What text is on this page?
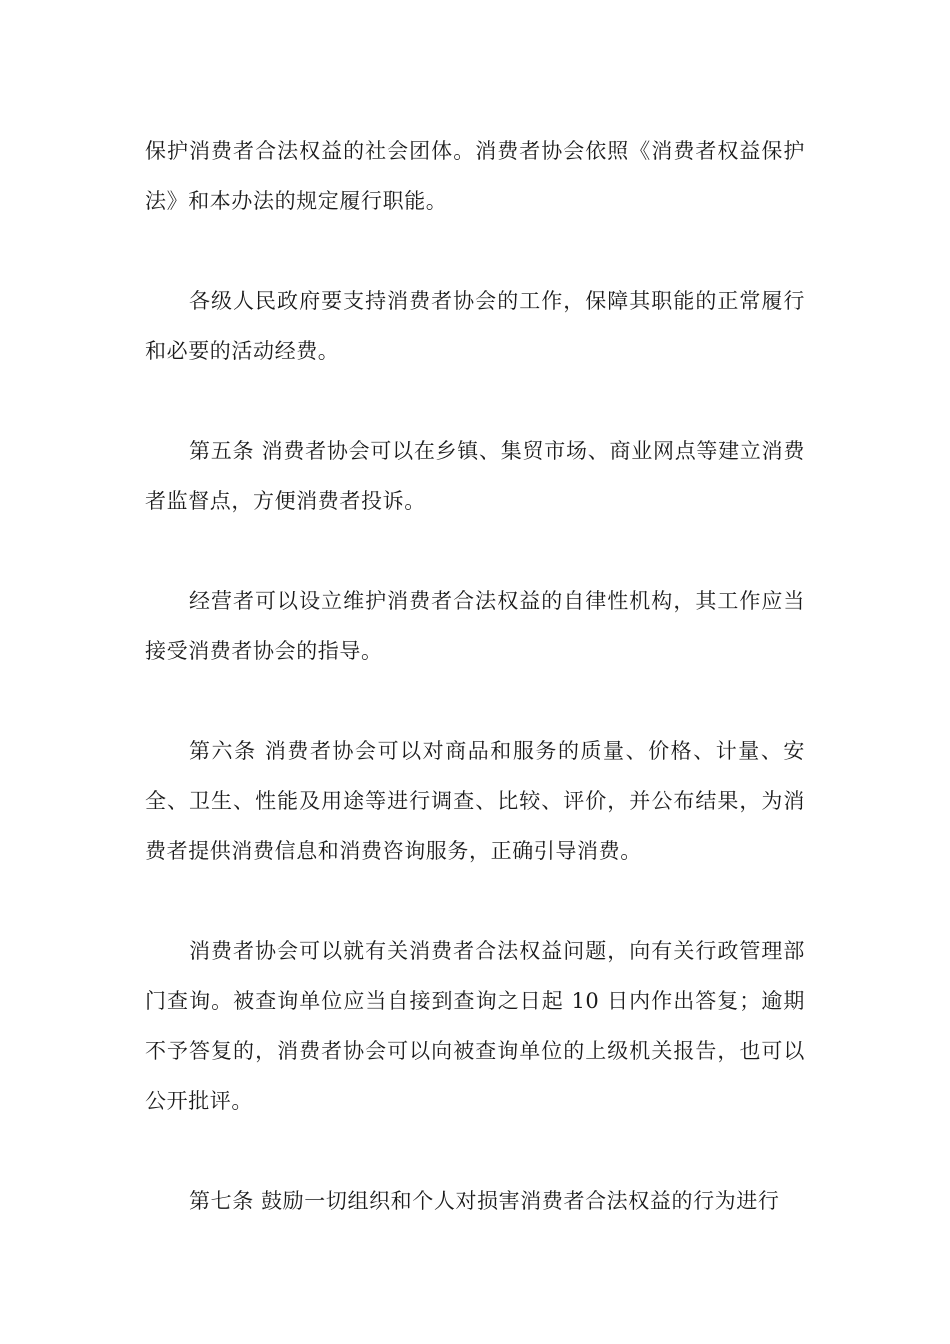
保护消费者合法权益的社会团体。消费者协会依照《消费者权益保护法》和本办法的规定履行职能。

各级人民政府要支持消费者协会的工作，保障其职能的正常履行和必要的活动经费。

第五条 消费者协会可以在乡镇、集贸市场、商业网点等建立消费者监督点，方便消费者投诉。

经营者可以设立维护消费者合法权益的自律性机构，其工作应当接受消费者协会的指导。

第六条 消费者协会可以对商品和服务的质量、价格、计量、安全、卫生、性能及用途等进行调查、比较、评价，并公布结果，为消费者提供消费信息和消费咨询服务，正确引导消费。

消费者协会可以就有关消费者合法权益问题，向有关行政管理部门查询。被查询单位应当自接到查询之日起 10 日内作出答复；逾期不予答复的，消费者协会可以向被查询单位的上级机关报告，也可以公开批评。

第七条 鼓励一切组织和个人对损害消费者合法权益的行为进行
